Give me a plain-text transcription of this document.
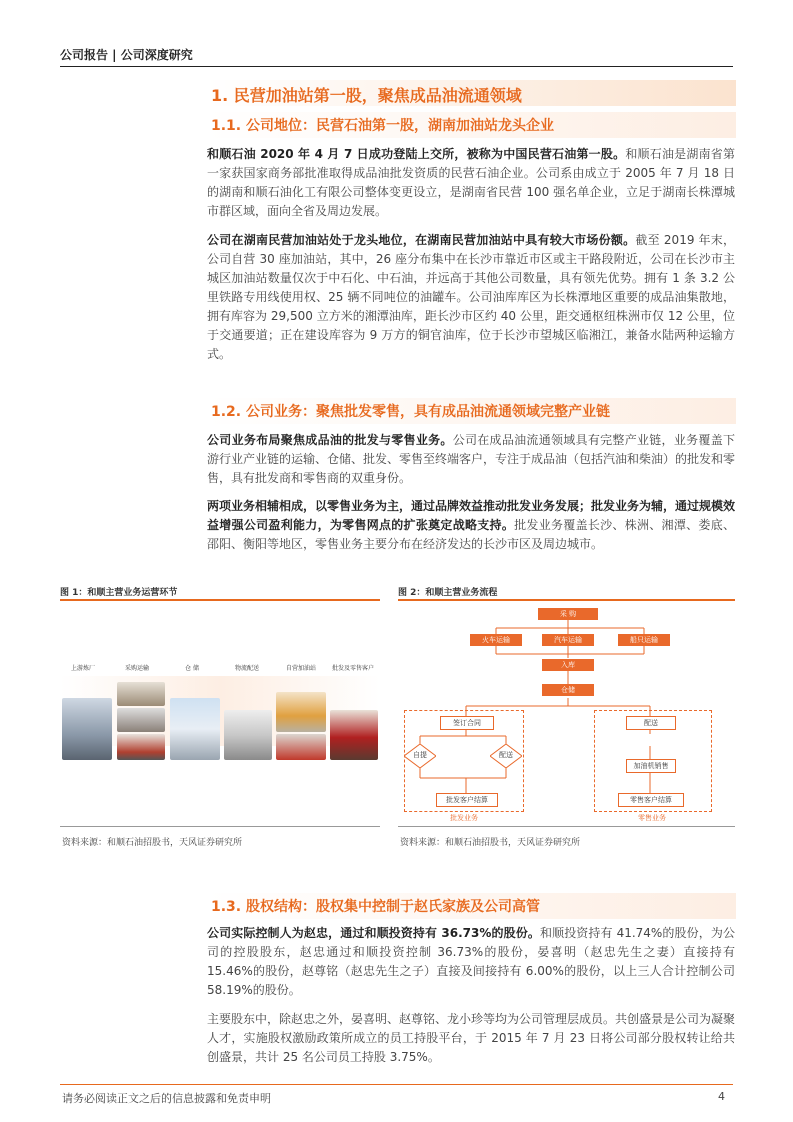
公司报告 | 公司深度研究
1. 民营加油站第一股，聚焦成品油流通领域
1.1. 公司地位：民营石油第一股，湖南加油站龙头企业
和顺石油 2020 年 4 月 7 日成功登陆上交所，被称为中国民营石油第一股。和顺石油是湖南省第一家获国家商务部批准取得成品油批发资质的民营石油企业。公司系由成立于 2005 年 7 月 18 日的湖南和顺石油化工有限公司整体变更设立，是湖南省民营 100 强名单企业，立足于湖南长株潭城市群区域，面向全省及周边发展。
公司在湖南民营加油站处于龙头地位，在湖南民营加油站中具有较大市场份额。截至 2019 年末，公司自营 30 座加油站，其中，26 座分布集中在长沙市靠近市区或主干路段附近，公司在长沙市主城区加油站数量仅次于中石化、中石油，并远高于其他公司数量，具有领先优势。拥有 1 条 3.2 公里铁路专用线使用权、25 辆不同吨位的油罐车。公司油库库区为长株潭地区重要的成品油集散地，拥有库容为 29,500 立方米的湘潭油库，距长沙市区约 40 公里，距交通枢纽株洲市仅 12 公里，位于交通要道；正在建设库容为 9 万方的铜官油库，位于长沙市望城区临湘江，兼备水陆两种运输方式。
1.2. 公司业务：聚焦批发零售，具有成品油流通领域完整产业链
公司业务布局聚焦成品油的批发与零售业务。公司在成品油流通领域具有完整产业链，业务覆盖下游行业产业链的运输、仓储、批发、零售至终端客户，专注于成品油（包括汽油和柴油）的批发和零售，具有批发商和零售商的双重身份。
两项业务相辅相成，以零售业务为主，通过品牌效益推动批发业务发展；批发业务为辅，通过规模效益增强公司盈利能力，为零售网点的扩张奠定战略支持。批发业务覆盖长沙、株洲、湘潭、娄底、邵阳、衡阳等地区，零售业务主要分布在经济发达的长沙市区及周边城市。
图 1：和顺主营业务运营环节
上游炼厂	采购运输	仓 储	物流配送	自营加油站	批发及零售客户
资料来源：和顺石油招股书，天风证券研究所
图 2：和顺主营业务流程
采 购
火车运输	汽车运输	船只运输
入库
仓储
签订合同
自提	配送
批发客户结算
配送
加油机销售
零售客户结算
批发业务	零售业务
资料来源：和顺石油招股书，天风证券研究所
1.3. 股权结构：股权集中控制于赵氏家族及公司高管
公司实际控制人为赵忠，通过和顺投资持有 36.73%的股份。和顺投资持有 41.74%的股份，为公司的控股股东，赵忠通过和顺投资控制 36.73%的股份，晏喜明（赵忠先生之妻）直接持有 15.46%的股份，赵尊铭（赵忠先生之子）直接及间接持有 6.00%的股份，以上三人合计控制公司 58.19%的股份。
主要股东中，除赵忠之外，晏喜明、赵尊铭、龙小珍等均为公司管理层成员。共创盛景是公司为凝聚人才，实施股权激励政策所成立的员工持股平台，于 2015 年 7 月 23 日将公司部分股权转让给共创盛景，共计 25 名公司员工持股 3.75%。
请务必阅读正文之后的信息披露和免责申明	4
